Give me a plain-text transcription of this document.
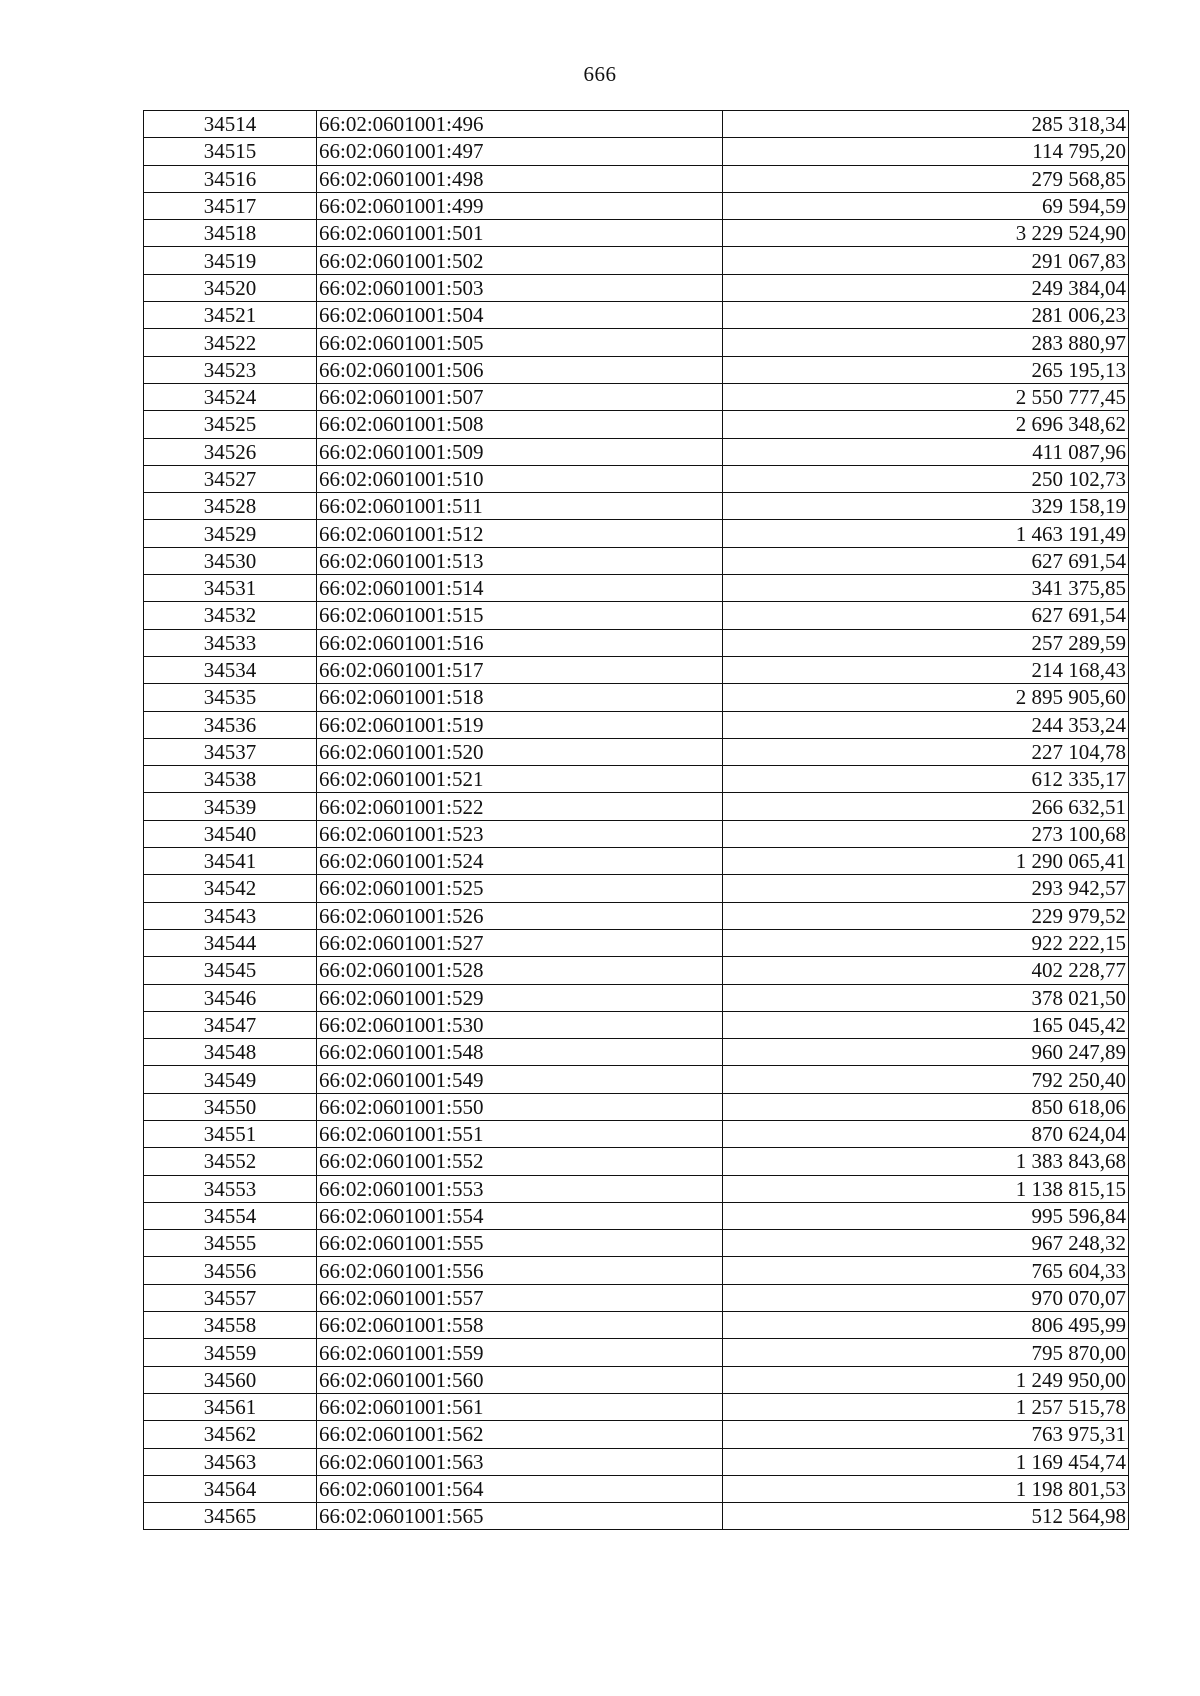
666
34514	66:02:0601001:496	285 318,34
34515	66:02:0601001:497	114 795,20
34516	66:02:0601001:498	279 568,85
34517	66:02:0601001:499	69 594,59
34518	66:02:0601001:501	3 229 524,90
34519	66:02:0601001:502	291 067,83
34520	66:02:0601001:503	249 384,04
34521	66:02:0601001:504	281 006,23
34522	66:02:0601001:505	283 880,97
34523	66:02:0601001:506	265 195,13
34524	66:02:0601001:507	2 550 777,45
34525	66:02:0601001:508	2 696 348,62
34526	66:02:0601001:509	411 087,96
34527	66:02:0601001:510	250 102,73
34528	66:02:0601001:511	329 158,19
34529	66:02:0601001:512	1 463 191,49
34530	66:02:0601001:513	627 691,54
34531	66:02:0601001:514	341 375,85
34532	66:02:0601001:515	627 691,54
34533	66:02:0601001:516	257 289,59
34534	66:02:0601001:517	214 168,43
34535	66:02:0601001:518	2 895 905,60
34536	66:02:0601001:519	244 353,24
34537	66:02:0601001:520	227 104,78
34538	66:02:0601001:521	612 335,17
34539	66:02:0601001:522	266 632,51
34540	66:02:0601001:523	273 100,68
34541	66:02:0601001:524	1 290 065,41
34542	66:02:0601001:525	293 942,57
34543	66:02:0601001:526	229 979,52
34544	66:02:0601001:527	922 222,15
34545	66:02:0601001:528	402 228,77
34546	66:02:0601001:529	378 021,50
34547	66:02:0601001:530	165 045,42
34548	66:02:0601001:548	960 247,89
34549	66:02:0601001:549	792 250,40
34550	66:02:0601001:550	850 618,06
34551	66:02:0601001:551	870 624,04
34552	66:02:0601001:552	1 383 843,68
34553	66:02:0601001:553	1 138 815,15
34554	66:02:0601001:554	995 596,84
34555	66:02:0601001:555	967 248,32
34556	66:02:0601001:556	765 604,33
34557	66:02:0601001:557	970 070,07
34558	66:02:0601001:558	806 495,99
34559	66:02:0601001:559	795 870,00
34560	66:02:0601001:560	1 249 950,00
34561	66:02:0601001:561	1 257 515,78
34562	66:02:0601001:562	763 975,31
34563	66:02:0601001:563	1 169 454,74
34564	66:02:0601001:564	1 198 801,53
34565	66:02:0601001:565	512 564,98
